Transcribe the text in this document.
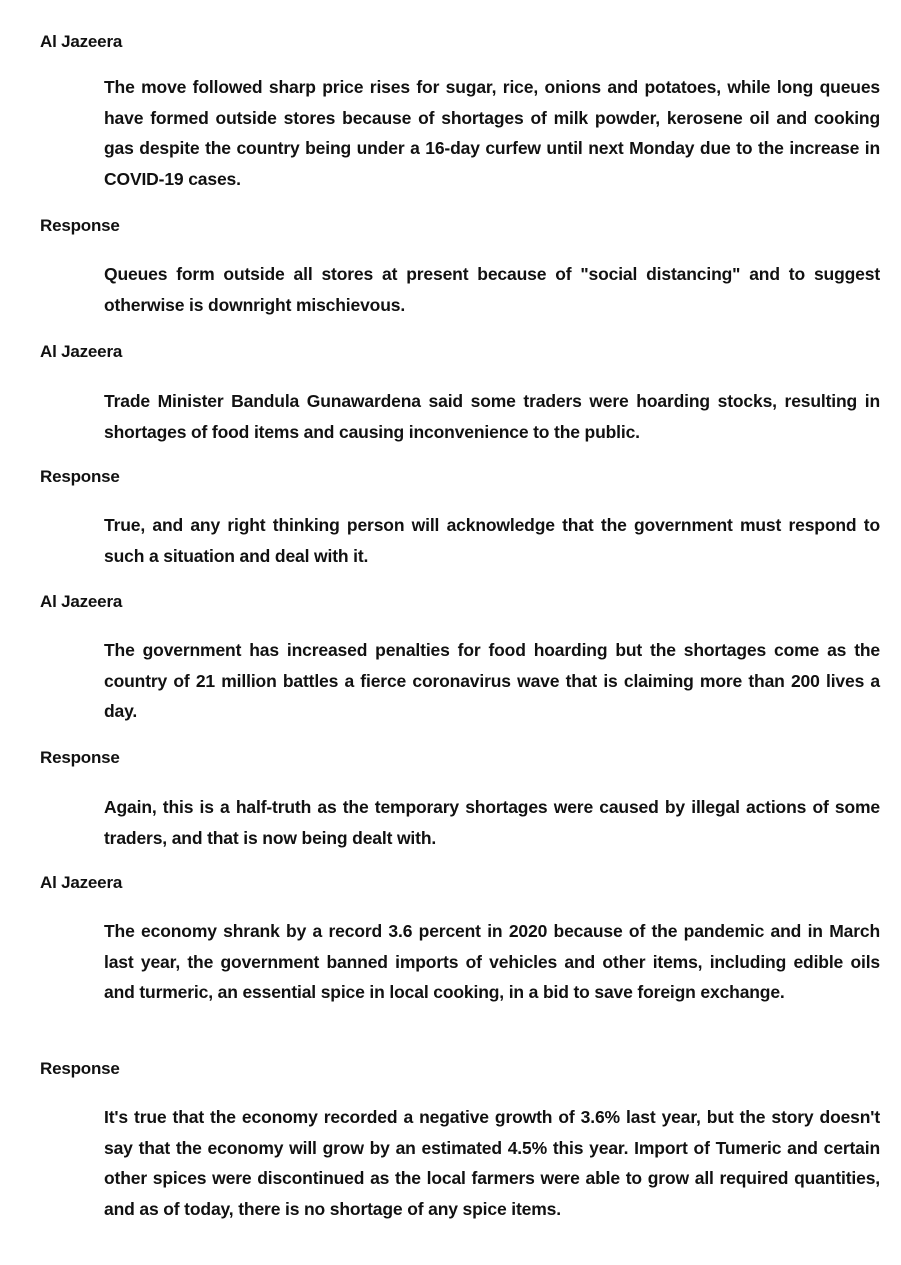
Al Jazeera

The move followed sharp price rises for sugar, rice, onions and potatoes, while long queues have formed outside stores because of shortages of milk powder, kerosene oil and cooking gas despite the country being under a 16-day curfew until next Monday due to the increase in COVID-19 cases.

Response

Queues form outside all stores at present because of "social distancing" and to suggest otherwise is downright mischievous.

Al Jazeera

Trade Minister Bandula Gunawardena said some traders were hoarding stocks, resulting in shortages of food items and causing inconvenience to the public.

Response

True, and any right thinking person will acknowledge that the government must respond to such a situation and deal with it.

Al Jazeera

The government has increased penalties for food hoarding but the shortages come as the country of 21 million battles a fierce coronavirus wave that is claiming more than 200 lives a day.

Response

Again, this is a half-truth as the temporary shortages were caused by illegal actions of some traders, and that is now being dealt with.

Al Jazeera

The economy shrank by a record 3.6 percent in 2020 because of the pandemic and in March last year, the government banned imports of vehicles and other items, including edible oils and turmeric, an essential spice in local cooking, in a bid to save foreign exchange.

Response

It's true that the economy recorded a negative growth of 3.6% last year, but the story doesn't say that the economy will grow by an estimated 4.5% this year. Import of Tumeric and certain other spices were discontinued as the local farmers were able to grow all required quantities, and as of today, there is no shortage of any spice items.
